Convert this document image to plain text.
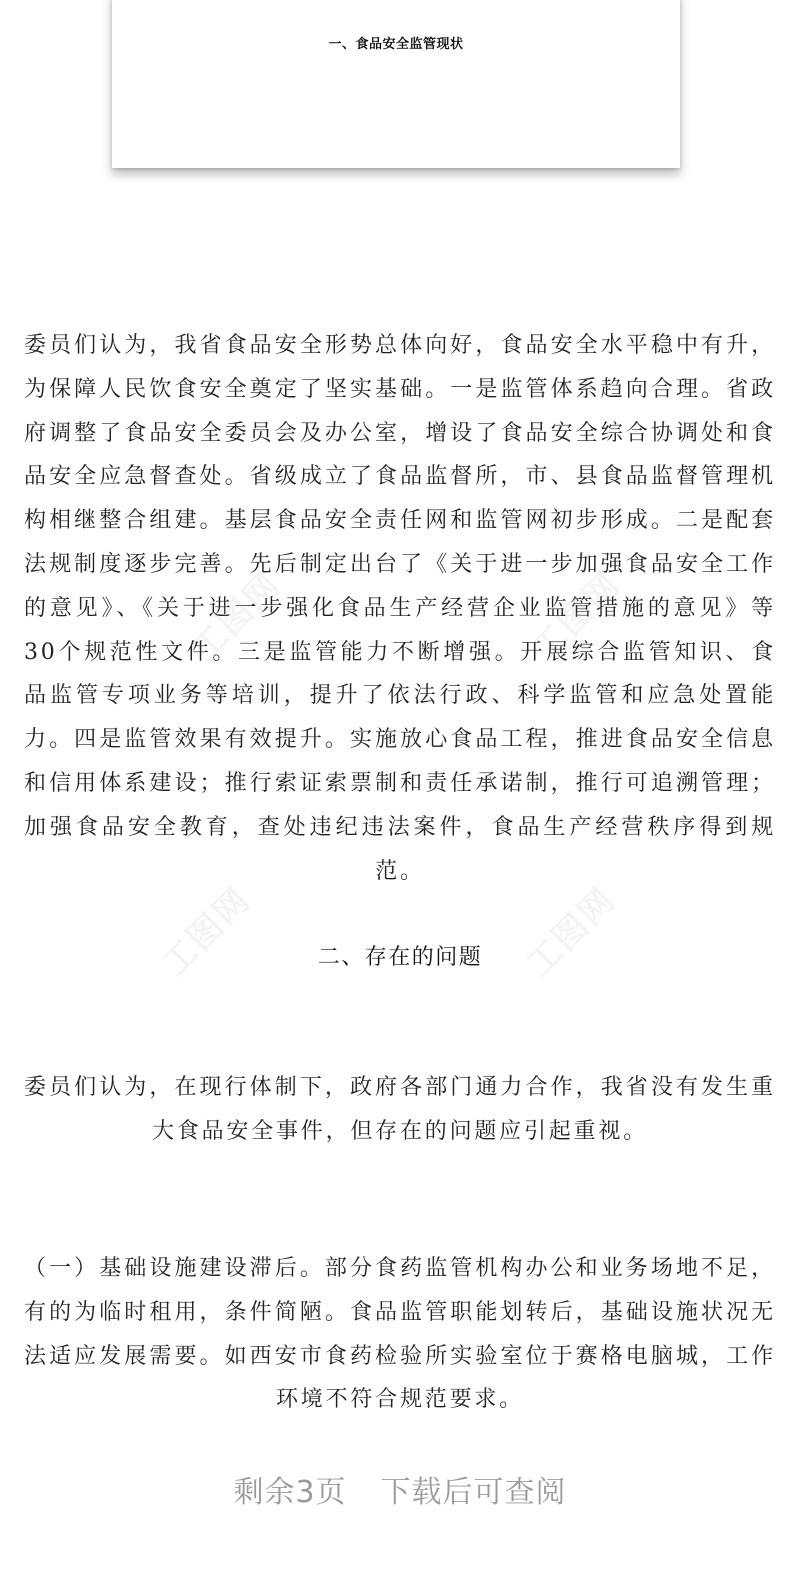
一、食品安全监管现状

委员们认为，我省食品安全形势总体向好，食品安全水平稳中有升，为保障人民饮食安全奠定了坚实基础。一是监管体系趋向合理。省政府调整了食品安全委员会及办公室，增设了食品安全综合协调处和食品安全应急督查处。省级成立了食品监督所，市、县食品监督管理机构相继整合组建。基层食品安全责任网和监管网初步形成。二是配套法规制度逐步完善。先后制定出台了《关于进一步加强食品安全工作的意见》、《关于进一步强化食品生产经营企业监管措施的意见》等30个规范性文件。三是监管能力不断增强。开展综合监管知识、食品监管专项业务等培训，提升了依法行政、科学监管和应急处置能力。四是监管效果有效提升。实施放心食品工程，推进食品安全信息和信用体系建设；推行索证索票制和责任承诺制，推行可追溯管理；加强食品安全教育，查处违纪违法案件，食品生产经营秩序得到规范。

二、存在的问题

委员们认为，在现行体制下，政府各部门通力合作，我省没有发生重大食品安全事件，但存在的问题应引起重视。

（一）基础设施建设滞后。部分食药监管机构办公和业务场地不足，有的为临时租用，条件简陋。食品监管职能划转后，基础设施状况无法适应发展需要。如西安市食药检验所实验室位于赛格电脑城，工作环境不符合规范要求。

工图网	工图网
工图网	工图网
剩余3页 下载后可查阅
